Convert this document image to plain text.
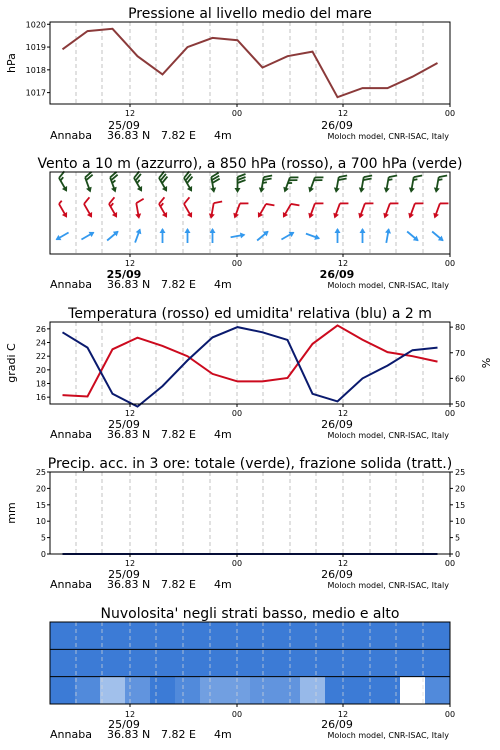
Pressione al livello medio del mare
1017
1018
1019
1020
hPa
12	00	12	00
25/09	26/09
Annaba 36.83 N 7.82 E 4m	Moloch model, CNR-ISAC, Italy
Vento a 10 m (azzurro), a 850 hPa (rosso), a 700 hPa (verde)
12	00	12	00
25/09	26/09
Annaba 36.83 N 7.82 E 4m	Moloch model, CNR-ISAC, Italy
Temperatura (rosso) ed umidita' relativa (blu) a 2 m
16
18
20
22
24
26
50
60
70
80
gradi C	%
12	00	12	00
25/09	26/09
Annaba 36.83 N 7.82 E 4m	Moloch model, CNR-ISAC, Italy
Precip. acc. in 3 ore: totale (verde), frazione solida (tratt.)
0
5
10
15
20
25
0
5
10
15
20
25
mm
12	00	12	00
25/09	26/09
Annaba 36.83 N 7.82 E 4m	Moloch model, CNR-ISAC, Italy
Nuvolosita' negli strati basso, medio e alto
12	00	12	00
25/09	26/09
Annaba 36.83 N 7.82 E 4m	Moloch model, CNR-ISAC, Italy
